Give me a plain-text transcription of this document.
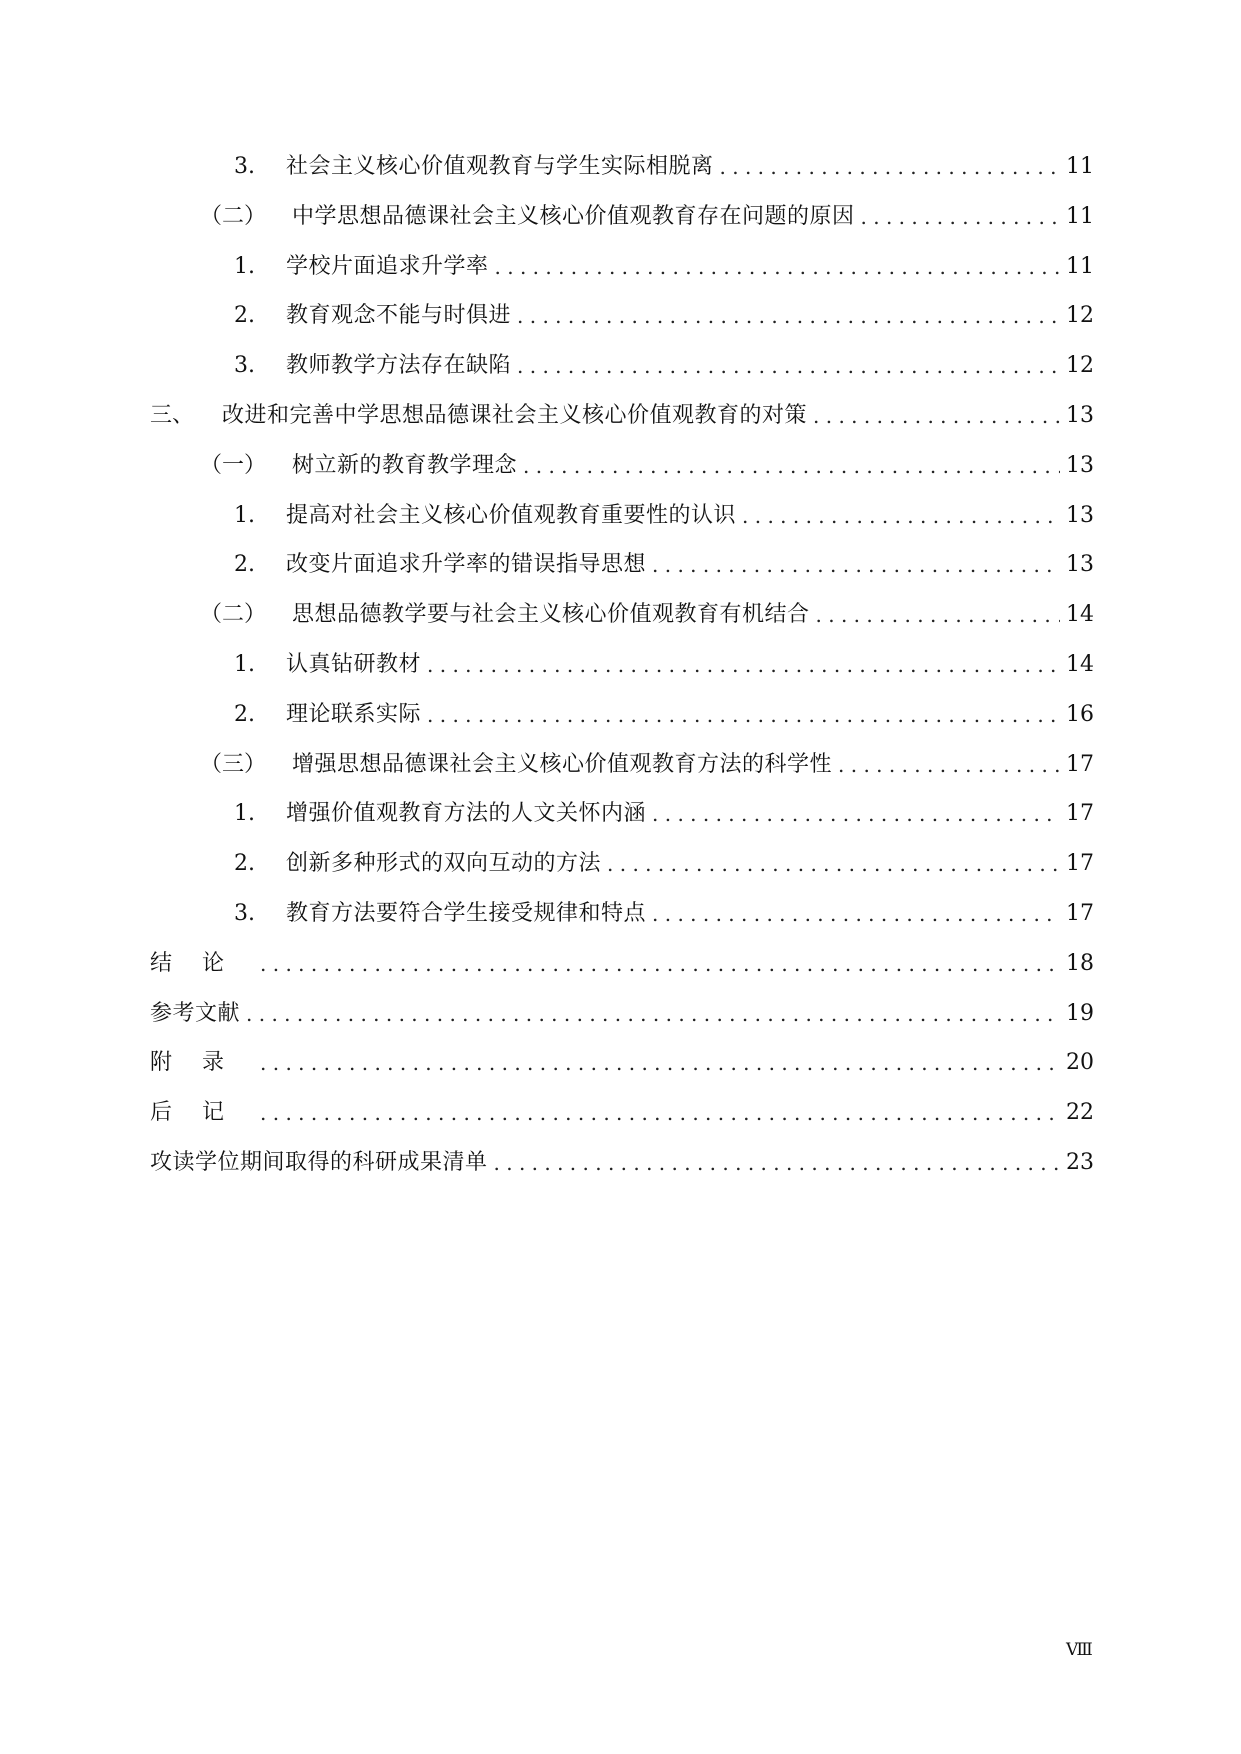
3.	社会主义核心价值观教育与学生实际相脱离 . . .	11
（二）	中学思想品德课社会主义核心价值观教育存在问题的原因 . . .	11
1.	学校片面追求升学率 . . .	11
2.	教育观念不能与时俱进 . . .	12
3.	教师教学方法存在缺陷 . . .	12
三、	改进和完善中学思想品德课社会主义核心价值观教育的对策 . . .	13
（一）	树立新的教育教学理念 . . .	13
1.	提高对社会主义核心价值观教育重要性的认识 . . .	13
2.	改变片面追求升学率的错误指导思想 . . .	13
（二）	思想品德教学要与社会主义核心价值观教育有机结合 . . .	14
1.	认真钻研教材 . . .	14
2.	理论联系实际 . . .	16
（三）	增强思想品德课社会主义核心价值观教育方法的科学性 . . .	17
1.	增强价值观教育方法的人文关怀内涵 . . .	17
2.	创新多种形式的双向互动的方法 . . .	17
3.	教育方法要符合学生接受规律和特点 . . .	17
结论 . . .	18
参考文献 . . .	19
附录 . . .	20
后记 . . .	22
攻读学位期间取得的科研成果清单 . . .	23
Ⅷ
